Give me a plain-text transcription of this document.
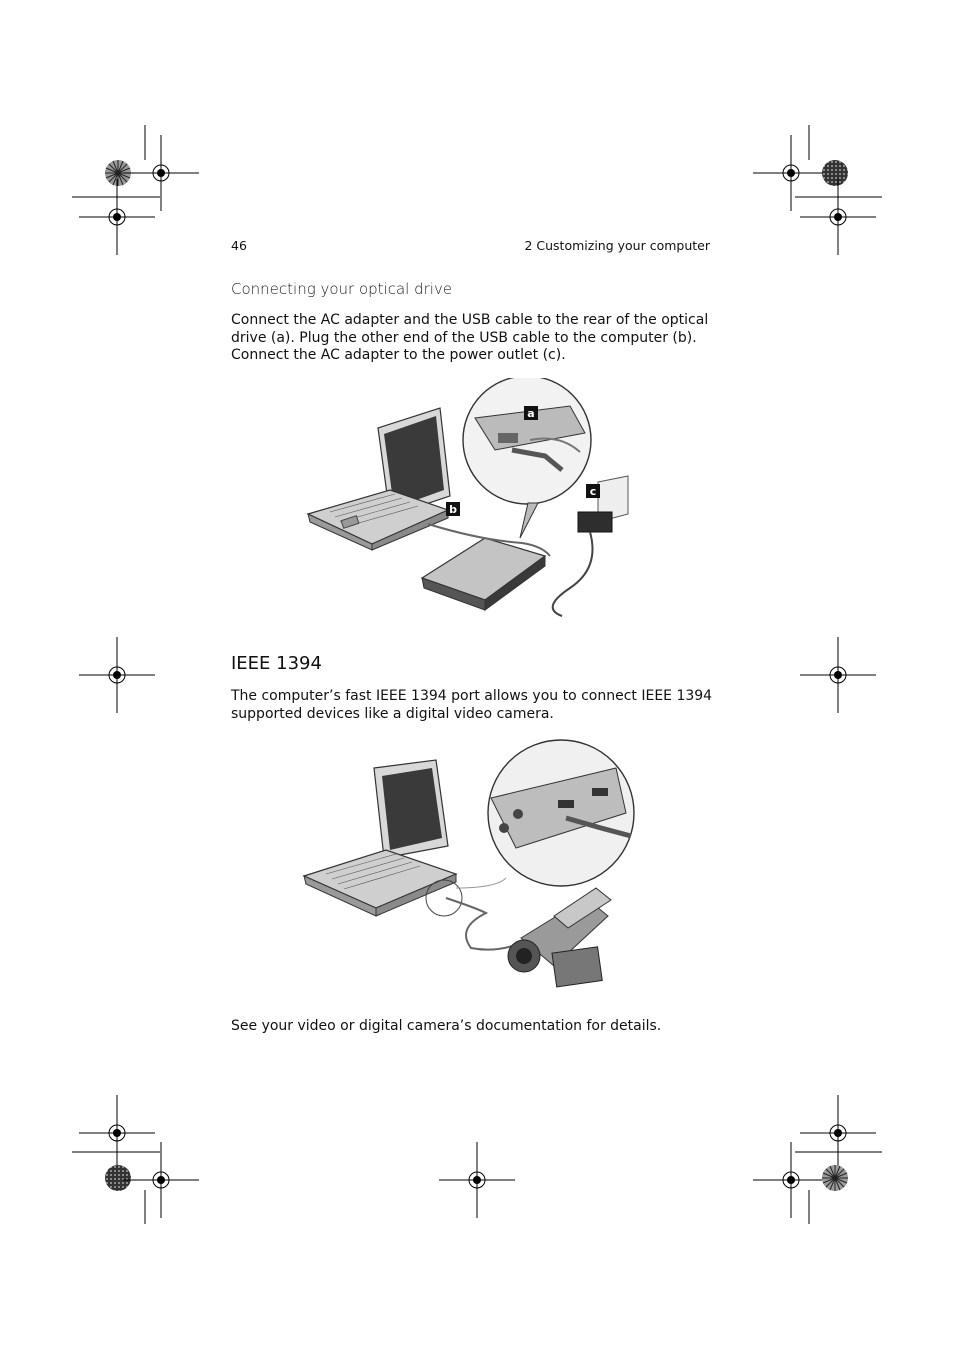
46	2 Customizing your computer
Connecting your optical drive
Connect the AC adapter and the USB cable to the rear of the optical
drive (a). Plug the other end of the USB cable to the computer (b).
Connect the AC adapter to the power outlet (c).
a
b
c
IEEE 1394
The computer’s fast IEEE 1394 port allows you to connect IEEE 1394
supported devices like a digital video camera.
See your video or digital camera’s documentation for details.
